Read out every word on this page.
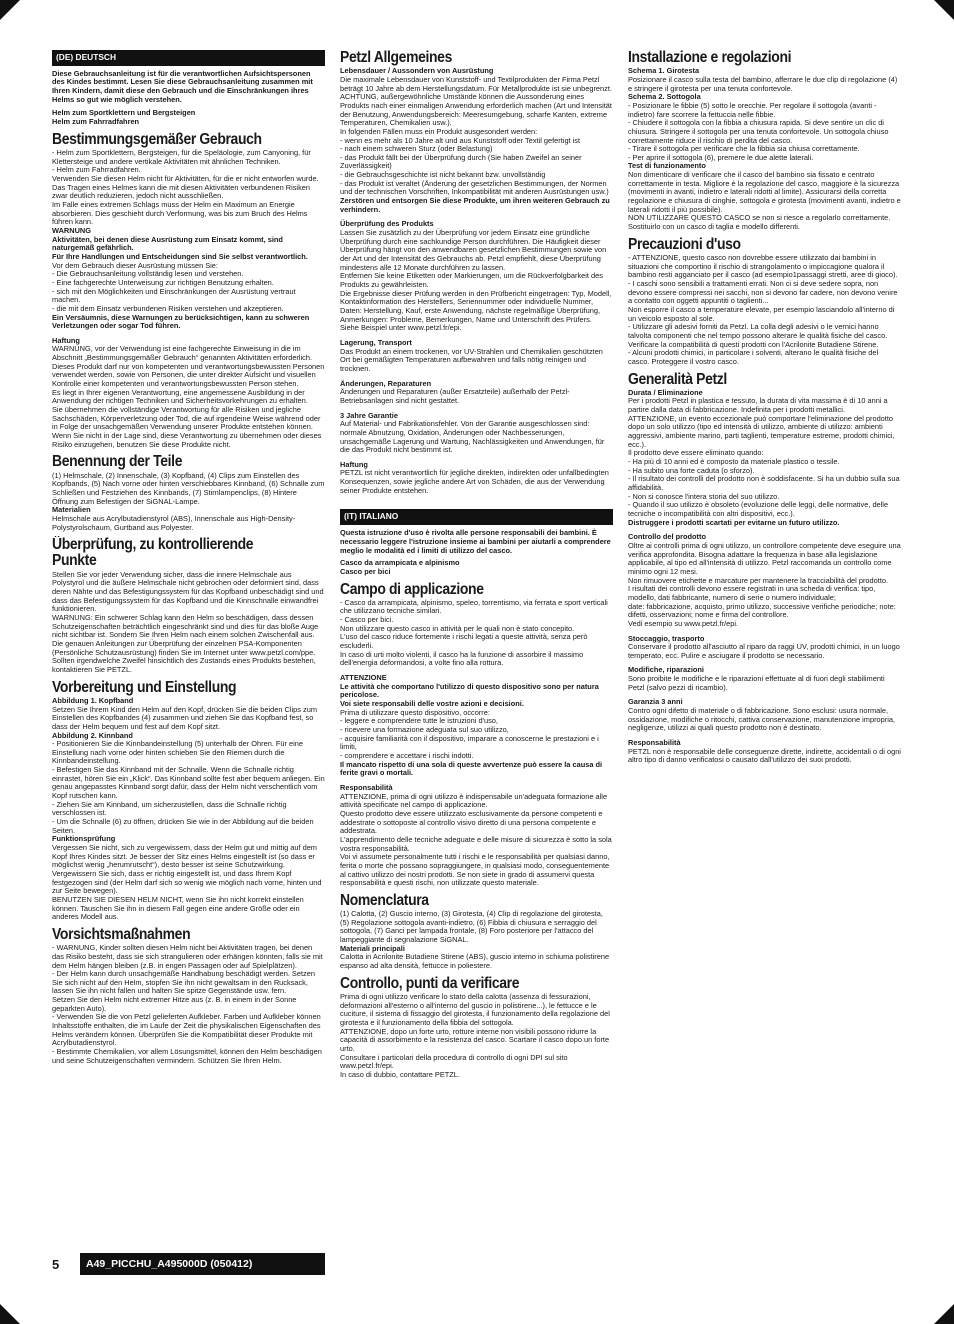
(DE) DEUTSCH

Diese Gebrauchsanleitung ist für die verantwortlichen Aufsichtspersonen des Kindes bestimmt. Lesen Sie diese Gebrauchsanleitung zusammen mit Ihren Kindern, damit diese den Gebrauch und die Einschränkungen ihres Helms so gut wie möglich verstehen.

Helm zum Sportklettern und Bergsteigen
Helm zum Fahrradfahren

Bestimmungsgemäßer Gebrauch

- Helm zum Sportklettern, Bergsteigen, für die Speläologie, zum Canyoning, für Klettersteige und andere vertikale Aktivitäten mit ähnlichen Techniken.
- Helm zum Fahrradfahren.
Verwenden Sie diesen Helm nicht für Aktivitäten, für die er nicht entworfen wurde. Das Tragen eines Helmes kann die mit diesen Aktivitäten verbundenen Risiken zwar deutlich reduzieren, jedoch nicht ausschließen.
Im Falle eines extremen Schlags muss der Helm ein Maximum an Energie absorbieren. Dies geschieht durch Verformung, was bis zum Bruch des Helms führen kann.

WARNUNG

Aktivitäten, bei denen diese Ausrüstung zum Einsatz kommt, sind naturgemäß gefährlich.
Für Ihre Handlungen und Entscheidungen sind Sie selbst verantwortlich.

Vor dem Gebrauch dieser Ausrüstung müssen Sie:
- Die Gebrauchsanleitung vollständig lesen und verstehen.
- Eine fachgerechte Unterweisung zur richtigen Benutzung erhalten.
- sich mit den Möglichkeiten und Einschränkungen der Ausrüstung vertraut machen.
- die mit dem Einsatz verbundenen Risiken verstehen und akzeptieren.

Ein Versäumnis, diese Warnungen zu berücksichtigen, kann zu schweren Verletzungen oder sogar Tod führen.

Haftung

WARNUNG, vor der Verwendung ist eine fachgerechte Einweisung in die im Abschnitt „Bestimmungsgemäßer Gebrauch“ genannten Aktivitäten erforderlich.
Dieses Produkt darf nur von kompetenten und verantwortungsbewussten Personen verwendet werden, sowie von Personen, die unter direkter Aufsicht und visuellen Kontrolle einer kompetenten und verantwortungsbewussten Person stehen.
Es liegt in Ihrer eigenen Verantwortung, eine angemessene Ausbildung in der Anwendung der richtigen Techniken und Sicherheitsvorkehrungen zu erhalten.
Sie übernehmen die vollständige Verantwortung für alle Risiken und jegliche Sachschäden, Körperverletzung oder Tod, die auf irgendeine Weise während oder in Folge der unsachgemäßen Verwendung unserer Produkte entstehen können.
Wenn Sie nicht in der Lage sind, diese Verantwortung zu übernehmen oder dieses Risiko einzugehen, benutzen Sie diese Produkte nicht.

Benennung der Teile

(1) Helmschale, (2) Innenschale, (3) Kopfband, (4) Clips zum Einstellen des Kopfbands, (5) Nach vorne oder hinten verschiebbares Kinnband, (6) Schnalle zum Schließen und Festziehen des Kinnbands, (7) Stirnlampenclips, (8) Hintere Öffnung zum Befestigen der SiGNAL-Lampe.

Materialien

Helmschale aus Acrylbutadienstyrol (ABS), Innenschale aus High-Density-Polystyrolschaum, Gurtband aus Polyester.

Überprüfung, zu kontrollierende Punkte

Stellen Sie vor jeder Verwendung sicher, dass die innere Helmschale aus Polystyrol und die äußere Helmschale nicht gebrochen oder deformiert sind, dass deren Nähte und das Befestigungssystem für das Kopfband unbeschädigt sind und dass das Befestigungssystem für das Kopfband und die Kinnschnalle einwandfrei funktionieren.
WARNUNG: Ein schwerer Schlag kann den Helm so beschädigen, dass dessen Schutzeigenschaften beträchtlich eingeschränkt sind und dies für das bloße Auge nicht sichtbar ist. Sondern Sie Ihren Helm nach einem solchen Zwischenfall aus.
Die genauen Anleitungen zur Überprüfung der einzelnen PSA-Komponenten (Persönliche Schutzausrüstung) finden Sie im Internet unter www.petzl.com/ppe.
Sollten irgendwelche Zweifel hinsichtlich des Zustands eines Produkts bestehen, kontaktieren Sie PETZL.

Vorbereitung und Einstellung

Abbildung 1. Kopfband

Setzen Sie Ihrem Kind den Helm auf den Kopf, drücken Sie die beiden Clips zum Einstellen des Kopfbandes (4) zusammen und ziehen Sie das Kopfband fest, so dass der Helm bequem und fest auf dem Kopf sitzt.

Abbildung 2. Kinnband

- Positionieren Sie die Kinnbandeinstellung (5) unterhalb der Ohren. Für eine Einstellung nach vorne oder hinten schieben Sie den Riemen durch die Kinnbandeinstellung.
- Befestigen Sie das Kinnband mit der Schnalle. Wenn die Schnalle richtig einrastet, hören Sie ein „Klick“. Das Kinnband sollte fest aber bequem anliegen. Ein genau angepasstes Kinnband sorgt dafür, dass der Helm nicht verschentlich vom Kopf rutschen kann.
- Ziehen Sie am Kinnband, um sicherzustellen, dass die Schnalle richtig verschlossen ist.
- Um die Schnalle (6) zu öffnen, drücken Sie wie in der Abbildung auf die beiden Seiten.

Funktionsprüfung

Vergessen Sie nicht, sich zu vergewissern, dass der Helm gut und mittig auf dem Kopf Ihres Kindes sitzt. Je besser der Sitz eines Helms eingestellt ist (so dass er möglichst wenig „herumrutscht“), desto besser ist seine Schutzwirkung. Vergewissern Sie sich, dass er richtig eingestellt ist, und dass Ihrem Kopf festgezogen sind (der Helm darf sich so wenig wie möglich nach vorne, hinten und zur Seite bewegen).
BENUTZEN SIE DIESEN HELM NICHT, wenn Sie ihn nicht korrekt einstellen können. Tauschen Sie ihn in diesem Fall gegen eine andere Größe oder ein anderes Modell aus.

Vorsichtsmaßnahmen

- WARNUNG, Kinder sollten diesen Helm nicht bei Aktivitäten tragen, bei denen das Risiko besteht, dass sie sich strangulieren oder erhängen könnten, falls sie mit dem Helm hängen bleiben (z.B. in engen Passagen oder auf Spielplätzen).
- Der Helm kann durch unsachgemäße Handhabung beschädigt werden. Setzen Sie sich nicht auf den Helm, stopfen Sie ihn nicht gewaltsam in den Rucksack, lassen Sie ihn nicht fallen und halten Sie spitze Gegenstände usw. fern.
Setzen Sie den Helm nicht extremer Hitze aus (z. B. in einem in der Sonne geparkten Auto).
- Verwenden Sie die von Petzl gelieferten Aufkleber. Farben und Aufkleber können Inhaltsstoffe enthalten, die im Laufe der Zeit die physikalischen Eigenschaften des Helms verändern können. Überprüfen Sie die Kompatibilität dieser Produkte mit Acrylbutadienstyrol.
- Bestimmte Chemikalien, vor allem Lösungsmittel, können den Helm beschädigen und seine Schutzeigenschaften vermindern. Schützen Sie Ihren Helm.

Petzl Allgemeines

Lebensdauer / Aussondern von Ausrüstung

Die maximale Lebensdauer von Kunststoff- und Textilprodukten der Firma Petzl beträgt 10 Jahre ab dem Herstellungsdatum. Für Metallprodukte ist sie unbegrenzt.
ACHTUNG, außergewöhnliche Umstände können die Aussonderung eines Produkts nach einer einmaligen Anwendung erforderlich machen (Art und Intensität der Benutzung, Anwendungsbereich: Meeresumgebung, scharfe Kanten, extreme Temperaturen, Chemikalien usw.).
In folgenden Fällen muss ein Produkt ausgesondert werden:
- wenn es mehr als 10 Jahre alt und aus Kunststoff oder Textil gefertigt ist
- nach einem schweren Sturz (oder Belastung)
- das Produkt fällt bei der Überprüfung durch (Sie haben Zweifel an seiner Zuverlässigkeit)
- die Gebrauchsgeschichte ist nicht bekannt bzw. unvollständig
- das Produkt ist veraltet (Änderung der gesetzlichen Bestimmungen, der Normen und der technischen Vorschriften, Inkompatibilität mit anderen Ausrüstungen usw.)

Zerstören und entsorgen Sie diese Produkte, um ihren weiteren Gebrauch zu verhindern.

Überprüfung des Produkts

Lassen Sie zusätzlich zu der Überprüfung vor jedem Einsatz eine gründliche Überprüfung durch eine sachkundige Person durchführen. Die Häufigkeit dieser Überprüfung hängt von den anwendbaren gesetzlichen Bestimmungen sowie von der Art und der Intensität des Gebrauchs ab. Petzl empfiehlt, diese Überprüfung mindestens alle 12 Monate durchführen zu lassen.
Entfernen Sie keine Etiketten oder Markierungen, um die Rückverfolgbarkeit des Produkts zu gewährleisten.
Die Ergebnisse dieser Prüfung werden in den Prüfbericht eingetragen: Typ, Modell, Kontaktinformation des Herstellers, Seriennummer oder individuelle Nummer, Daten: Herstellung, Kauf, erste Anwendung, nächste regelmäßige Überprüfung, Anmerkungen: Probleme, Bemerkungen, Name und Unterschrift des Prüfers.
Siehe Beispiel unter www.petzl.fr/epi.

Lagerung, Transport

Das Produkt an einem trockenen, vor UV-Strahlen und Chemikalien geschützten Ort bei gemäßigten Temperaturen aufbewahren und falls nötig reinigen und trocknen.

Änderungen, Reparaturen

Änderungen und Reparaturen (außer Ersatzteile) außerhalb der Petzl-Betriebsanlagen sind nicht gestattet.

3 Jahre Garantie

Auf Material- und Fabrikationsfehler. Von der Garantie ausgeschlossen sind: normale Abnutzung, Oxidation, Änderungen oder Nachbesserungen, unsachgemäße Lagerung und Wartung, Nachlässigkeiten und Anwendungen, für die das Produkt nicht bestimmt ist.

Haftung

PETZL ist nicht verantwortlich für jegliche direkten, indirekten oder unfallbedingten Konsequenzen, sowie jegliche andere Art von Schäden, die aus der Verwendung seiner Produkte entstehen.

(IT) ITALIANO

Questa istruzione d'uso è rivolta alle persone responsabili dei bambini. È necessario leggere l'istruzione insieme ai bambini per aiutarli a comprendere meglio le modalità ed i limiti di utilizzo del casco.

Casco da arrampicata e alpinismo
Casco per bici

Campo di applicazione

- Casco da arrampicata, alpinismo, speleo, torrentismo, via ferrata e sport verticali che utilizzano tecniche similari.
- Casco per bici.
Non utilizzare questo casco in attività per le quali non è stato concepito.
L'uso del casco riduce fortemente i rischi legati a queste attività, senza però escluderli.
In caso di urti molto violenti, il casco ha la funzione di assorbire il massimo dell'energia deformandosi, a volte fino alla rottura.

ATTENZIONE

Le attività che comportano l'utilizzo di questo dispositivo sono per natura pericolose.
Voi siete responsabili delle vostre azioni e decisioni.

Prima di utilizzare questo dispositivo, occorre:
- leggere e comprendere tutte le istruzioni d'uso,
- ricevere una formazione adeguata sul suo utilizzo,
- acquisire familiarità con il dispositivo, imparare a conoscerne le prestazioni e i limiti,
- comprendere e accettare i rischi indotti.

Il mancato rispetto di una sola di queste avvertenze può essere la causa di ferite gravi o mortali.

Responsabilità

ATTENZIONE, prima di ogni utilizzo è indispensabile un'adeguata formazione alle attività specificate nel campo di applicazione.
Questo prodotto deve essere utilizzato esclusivamente da persone competenti e addestrate o sottoposte al controllo visivo diretto di una persona competente e addestrata.
L'apprendimento delle tecniche adeguate e delle misure di sicurezza è sotto la sola vostra responsabilità.
Voi vi assumete personalmente tutti i rischi e le responsabilità per qualsiasi danno, ferita o morte che possano sopraggiungere, in qualsiasi modo, conseguentemente al cattivo utilizzo dei nostri prodotti. Se non siete in grado di assumervi questa responsabilità e questi rischi, non utilizzate questo materiale.

Nomenclatura

(1) Calotta, (2) Guscio interno, (3) Girotesta, (4) Clip di regolazione del girotesta, (5) Regolazione sottogola avanti-indietro, (6) Fibbia di chiusura e serraggio del sottogola, (7) Ganci per lampada frontale, (8) Foro posteriore per l'attacco del lampeggiante di segnalazione SiGNAL.

Materiali principali

Calotta in Acrilonite Butadiene Stirene (ABS), guscio interno in schiuma polistirene espanso ad alta densità, fettucce in poliestere.

Controllo, punti da verificare

Prima di ogni utilizzo verificare lo stato della calotta (assenza di fessurazioni, deformazioni all'esterno o all'interno del guscio in polistirene...), le fettucce e le cuciture, il sistema di fissaggio del girotesta, il funzionamento della regolazione del girotesta e il funzionamento della fibbia del sottogola.
ATTENZIONE, dopo un forte urto, rotture interne non visibili possono ridurre la capacità di assorbimento e la resistenza del casco. Scartare il casco dopo un forte urto.
Consultare i particolari della procedura di controllo di ogni DPI sul sito www.petzl.fr/epi.
In caso di dubbio, contattare PETZL.

Installazione e regolazioni

Schema 1. Girotesta

Posizionare il casco sulla testa del bambino, afferrare le due clip di regolazione (4) e stringere il girotesta per una tenuta confortevole.

Schema 2. Sottogola

- Posizionare le fibbie (5) sotto le orecchie. Per regolare il sottogola (avanti - indietro) fare scorrere la fettuccia nelle fibbie.
- Chiudere il sottogola con la fibbia a chiusura rapida. Si deve sentire un clic di chiusura. Stringere il sottogola per una tenuta confortevole. Un sottogola chiuso correttamente riduce il rischio di perdita del casco.
- Tirare il sottogola per verificare che la fibbia sia chiusa correttamente.
- Per aprire il sottogola (6), premere le due alette laterali.

Test di funzionamento

Non dimenticare di verificare che il casco del bambino sia fissato e centrato correttamente in testa. Migliore è la regolazione del casco, maggiore è la sicurezza (movimenti in avanti, indietro e laterali ridotti al limite). Assicurarsi della corretta regolazione e chiusura di cinghie, sottogola e girotesta (movimenti avanti, indietro e laterali ridotti il più possibile).
NON UTILIZZARE QUESTO CASCO se non si riesce a regolarlo correttamente. Sostituirlo con un casco di taglia e modello differenti.

Precauzioni d'uso

- ATTENZIONE, questo casco non dovrebbe essere utilizzato dai bambini in situazioni che comportino il rischio di strangolamento o impiccagione qualora il bambino resti agganciato per il casco (ad esempio1passaggi stretti, aree di gioco).
- I caschi sono sensibili a trattamenti errati. Non ci si deve sedere sopra, non devono essere compressi nei sacchi, non si devono far cadere, non devono venire a contatto con oggetti appuntiti o taglienti...
Non esporre il casco a temperature elevate, per esempio lasciandolo all'interno di un veicolo esposto al sole.
- Utilizzare gli adesivi forniti da Petzl. La colla degli adesivi o le vernici hanno talvolta componenti che nel tempo possono alterare le qualità fisiche del casco. Verificare la compatibilità di questi prodotti con l'Acrilonite Butadiene Stirene.
- Alcuni prodotti chimici, in particolare i solventi, alterano le qualità fisiche del casco. Proteggere il vostro casco.

Generalità Petzl

Durata / Eliminazione

Per i prodotti Petzl in plastica e tessuto, la durata di vita massima è di 10 anni a partire dalla data di fabbricazione. Indefinita per i prodotti metallici.
ATTENZIONE, un evento eccezionale può comportare l'eliminazione del prodotto dopo un solo utilizzo (tipo ed intensità di utilizzo, ambiente di utilizzo: ambienti aggressivi, ambiente marino, parti taglienti, temperature estreme, prodotti chimici, ecc.).
Il prodotto deve essere eliminato quando:
- Ha più di 10 anni ed è composto da materiale plastico o tessile.
- Ha subito una forte caduta (o sforzo).
- Il risultato dei controlli del prodotto non è soddisfacente. Si ha un dubbio sulla sua affidabilità.
- Non si conosce l'intera storia del suo utilizzo.
- Quando il suo utilizzo è obsoleto (evoluzione delle leggi, delle normative, delle tecniche o incompatibilità con altri dispositivi, ecc.).

Distruggere i prodotti scartati per evitarne un futuro utilizzo.

Controllo del prodotto

Oltre ai controlli prima di ogni utilizzo, un controllore competente deve eseguire una verifica approfondita. Bisogna adattare la frequenza in base alla legislazione applicabile, al tipo ed all'intensità di utilizzo. Petzl raccomanda un controllo come minimo ogni 12 mesi.
Non rimuovere etichette e marcature per mantenere la tracciabilità del prodotto.
I risultati dei controlli devono essere registrati in una scheda di verifica: tipo, modello, dati fabbricante, numero di serie o numero individuale;
date: fabbricazione, acquisto, primo utilizzo, successive verifiche periodiche; note: difetti, osservazioni; nome e firma del controllore.
Vedi esempio su www.petzl.fr/epi.

Stoccaggio, trasporto

Conservare il prodotto all'asciutto al riparo da raggi UV, prodotti chimici, in un luogo temperato, ecc. Pulire e asciugare il prodotto se necessario.

Modifiche, riparazioni

Sono proibite le modifiche e le riparazioni effettuate al di fuori degli stabilimenti Petzl (salvo pezzi di ricambio).

Garanzia 3 anni

Contro ogni difetto di materiale o di fabbricazione. Sono esclusi: usura normale, ossidazione, modifiche o ritocchi, cattiva conservazione, manutenzione impropria, negligenze, utilizzi ai quali questo prodotto non è destinato.

Responsabilità

PETZL non è responsabile delle conseguenze dirette, indirette, accidentali o di ogni altro tipo di danno verificatosi o causato dall'utilizzo dei suoi prodotti.

5	A49_PICCHU_A495000D (050412)
